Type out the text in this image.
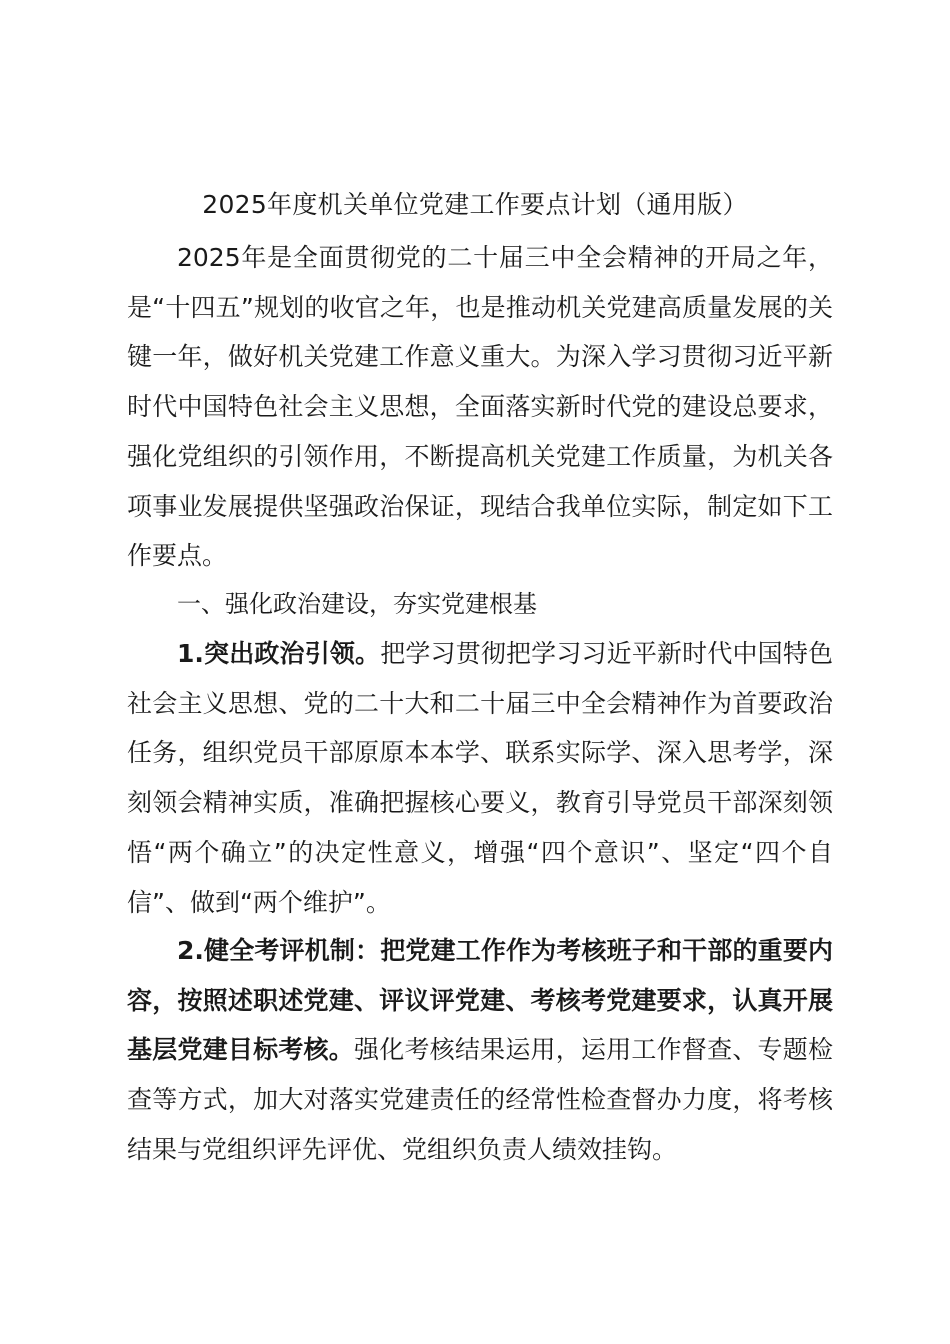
2025年度机关单位党建工作要点计划（通用版）

2025年是全面贯彻党的二十届三中全会精神的开局之年，是“十四五”规划的收官之年，也是推动机关党建高质量发展的关键一年，做好机关党建工作意义重大。为深入学习贯彻习近平新时代中国特色社会主义思想，全面落实新时代党的建设总要求，强化党组织的引领作用，不断提高机关党建工作质量，为机关各项事业发展提供坚强政治保证，现结合我单位实际，制定如下工作要点。

一、强化政治建设，夯实党建根基

1.突出政治引领。把学习贯彻把学习习近平新时代中国特色社会主义思想、党的二十大和二十届三中全会精神作为首要政治任务，组织党员干部原原本本学、联系实际学、深入思考学，深刻领会精神实质，准确把握核心要义，教育引导党员干部深刻领悟“两个确立”的决定性意义，增强“四个意识”、坚定“四个自信”、做到“两个维护”。

2.健全考评机制：把党建工作作为考核班子和干部的重要内容，按照述职述党建、评议评党建、考核考党建要求，认真开展基层党建目标考核。强化考核结果运用，运用工作督查、专题检查等方式，加大对落实党建责任的经常性检查督办力度，将考核结果与党组织评先评优、党组织负责人绩效挂钩。
